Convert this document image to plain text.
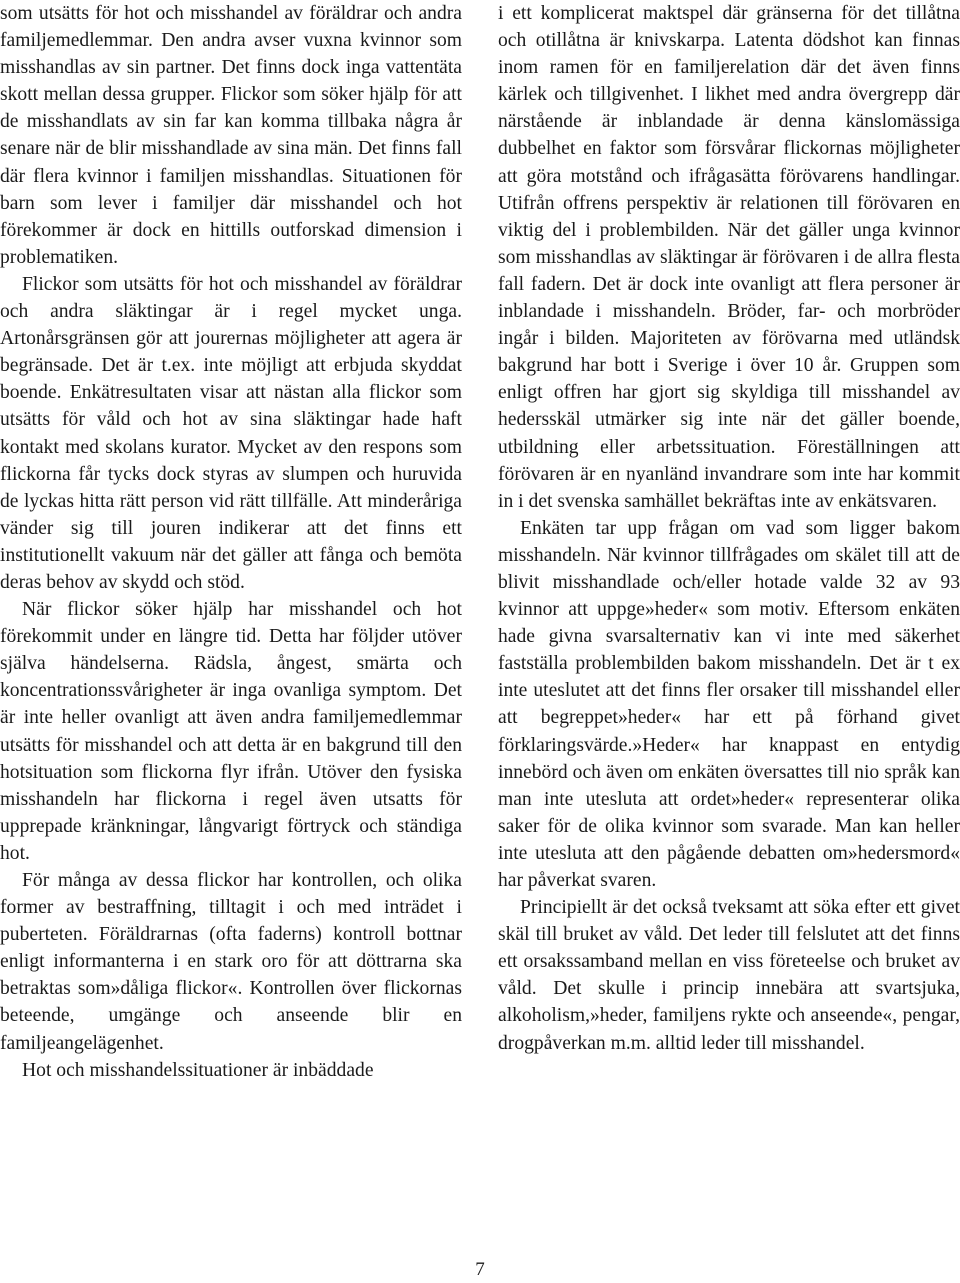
som utsätts för hot och misshandel av föräldrar och andra familjemedlemmar. Den andra avser vuxna kvinnor som misshandlas av sin partner. Det finns dock inga vattentäta skott mellan dessa grupper. Flickor som söker hjälp för att de misshandlats av sin far kan komma tillbaka några år senare när de blir misshandlade av sina män. Det finns fall där flera kvinnor i familjen misshandlas. Situationen för barn som lever i familjer där misshandel och hot förekommer är dock en hittills outforskad dimension i problematiken.

Flickor som utsätts för hot och misshandel av föräldrar och andra släktingar är i regel mycket unga. Artonårsgränsen gör att jourernas möjligheter att agera är begränsade. Det är t.ex. inte möjligt att erbjuda skyddat boende. Enkätresultaten visar att nästan alla flickor som utsätts för våld och hot av sina släktingar hade haft kontakt med skolans kurator. Mycket av den respons som flickorna får tycks dock styras av slumpen och huruvida de lyckas hitta rätt person vid rätt tillfälle. Att minderåriga vänder sig till jouren indikerar att det finns ett institutionellt vakuum när det gäller att fånga och bemöta deras behov av skydd och stöd.

När flickor söker hjälp har misshandel och hot förekommit under en längre tid. Detta har följder utöver själva händelserna. Rädsla, ångest, smärta och koncentrationssvårigheter är inga ovanliga symptom. Det är inte heller ovanligt att även andra familjemedlemmar utsätts för misshandel och att detta är en bakgrund till den hotsituation som flickorna flyr ifrån. Utöver den fysiska misshandeln har flickorna i regel även utsatts för upprepade kränkningar, långvarigt förtryck och ständiga hot.

För många av dessa flickor har kontrollen, och olika former av bestraffning, tilltagit i och med inträdet i puberteten. Föräldrarnas (ofta faderns) kontroll bottnar enligt informanterna i en stark oro för att döttrarna ska betraktas som»dåliga flickor«. Kontrollen över flickornas beteende, umgänge och anseende blir en familjeangelägenhet.

Hot och misshandelssituationer är inbäddade

i ett komplicerat maktspel där gränserna för det tillåtna och otillåtna är knivskarpa. Latenta dödshot kan finnas inom ramen för en familjerelation där det även finns kärlek och tillgivenhet. I likhet med andra övergrepp där närstående är inblandade är denna känslomässiga dubbelhet en faktor som försvårar flickornas möjligheter att göra motstånd och ifrågasätta förövarens handlingar. Utifrån offrens perspektiv är relationen till förövaren en viktig del i problembilden. När det gäller unga kvinnor som misshandlas av släktingar är förövaren i de allra flesta fall fadern. Det är dock inte ovanligt att flera personer är inblandade i misshandeln. Bröder, far- och morbröder ingår i bilden. Majoriteten av förövarna med utländsk bakgrund har bott i Sverige i över 10 år. Gruppen som enligt offren har gjort sig skyldiga till misshandel av hedersskäl utmärker sig inte när det gäller boende, utbildning eller arbetssituation. Föreställningen att förövaren är en nyanländ invandrare som inte har kommit in i det svenska samhället bekräftas inte av enkätsvaren.

Enkäten tar upp frågan om vad som ligger bakom misshandeln. När kvinnor tillfrågades om skälet till att de blivit misshandlade och/eller hotade valde 32 av 93 kvinnor att uppge»heder« som motiv. Eftersom enkäten hade givna svarsalternativ kan vi inte med säkerhet fastställa problembilden bakom misshandeln. Det är t ex inte uteslutet att det finns fler orsaker till misshandel eller att begreppet»heder« har ett på förhand givet förklaringsvärde.»Heder« har knappast en entydig innebörd och även om enkäten översattes till nio språk kan man inte utesluta att ordet»heder« representerar olika saker för de olika kvinnor som svarade. Man kan heller inte utesluta att den pågående debatten om»hedersmord« har påverkat svaren.

Principiellt är det också tveksamt att söka efter ett givet skäl till bruket av våld. Det leder till felslutet att det finns ett orsakssamband mellan en viss företeelse och bruket av våld. Det skulle i princip innebära att svartsjuka, alkoholism,»heder, familjens rykte och anseende«, pengar, drogpåverkan m.m. alltid leder till misshandel.

7
